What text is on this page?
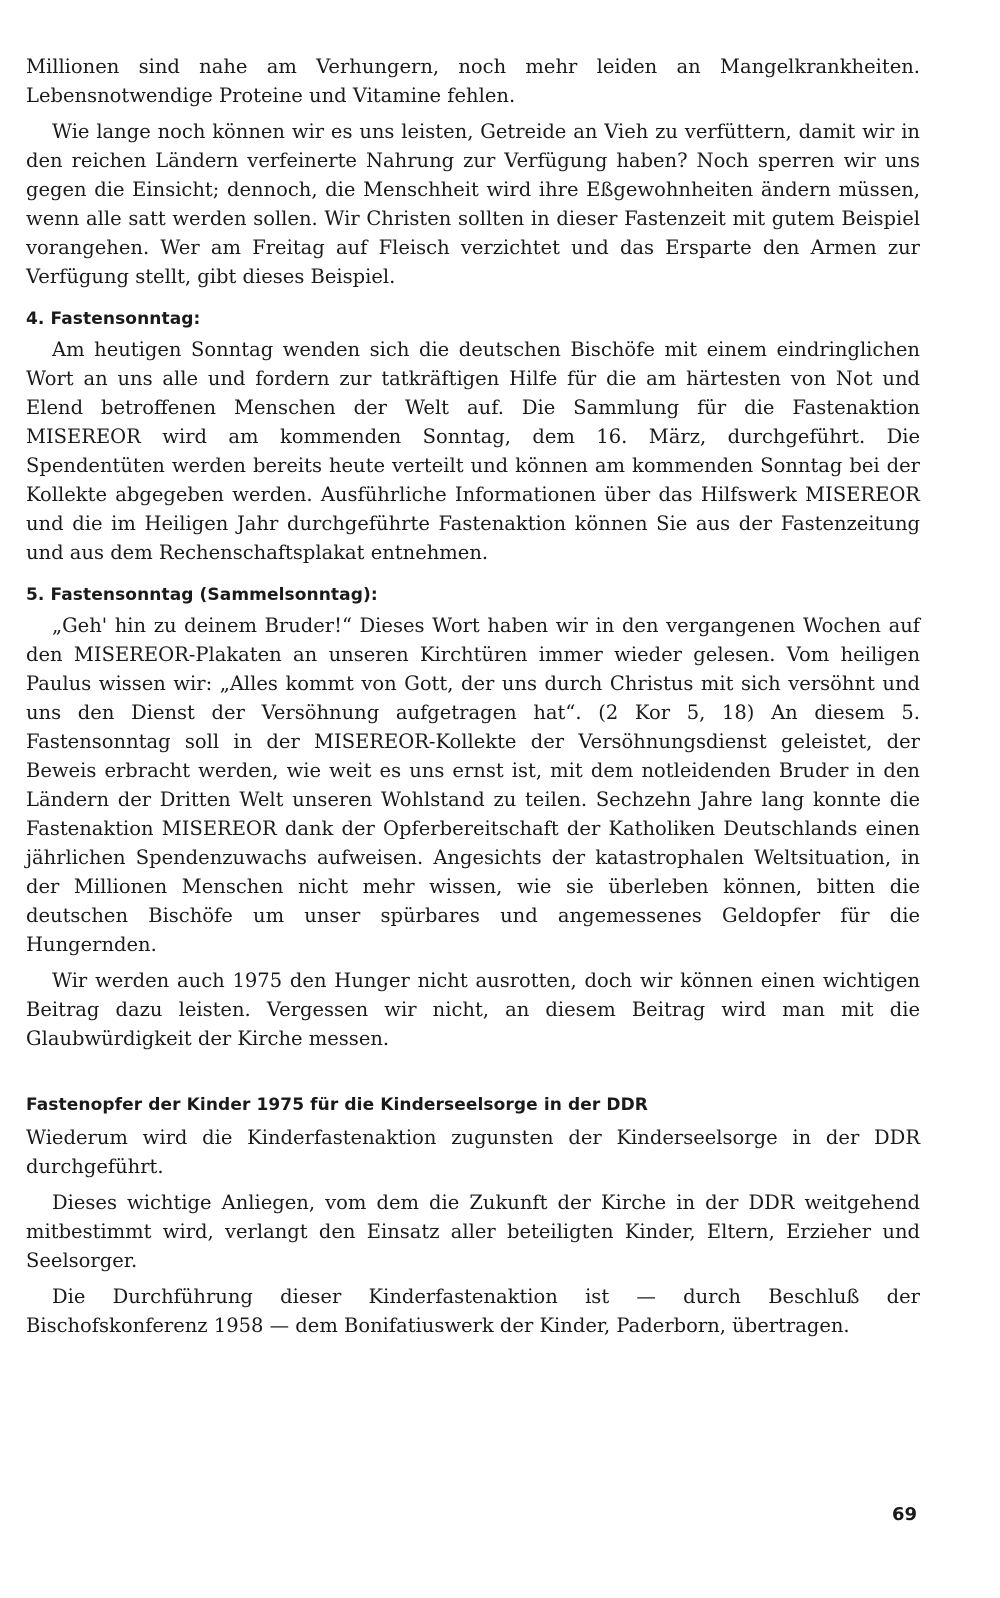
Millionen sind nahe am Verhungern, noch mehr leiden an Mangelkrankheiten. Lebensnotwendige Proteine und Vitamine fehlen.

Wie lange noch können wir es uns leisten, Getreide an Vieh zu verfüttern, damit wir in den reichen Ländern verfeinerte Nahrung zur Verfügung haben? Noch sperren wir uns gegen die Einsicht; dennoch, die Menschheit wird ihre Eßgewohnheiten ändern müssen, wenn alle satt werden sollen. Wir Christen sollten in dieser Fastenzeit mit gutem Beispiel vorangehen. Wer am Freitag auf Fleisch verzichtet und das Ersparte den Armen zur Verfügung stellt, gibt dieses Beispiel.

4. Fastensonntag:

Am heutigen Sonntag wenden sich die deutschen Bischöfe mit einem eindringlichen Wort an uns alle und fordern zur tatkräftigen Hilfe für die am härtesten von Not und Elend betroffenen Menschen der Welt auf. Die Sammlung für die Fastenaktion MISEREOR wird am kommenden Sonntag, dem 16. März, durchgeführt. Die Spendentüten werden bereits heute verteilt und können am kommenden Sonntag bei der Kollekte abgegeben werden. Ausführliche Informationen über das Hilfswerk MISEREOR und die im Heiligen Jahr durchgeführte Fastenaktion können Sie aus der Fastenzeitung und aus dem Rechenschaftsplakat entnehmen.

5. Fastensonntag (Sammelsonntag):

„Geh' hin zu deinem Bruder!“ Dieses Wort haben wir in den vergangenen Wochen auf den MISEREOR-Plakaten an unseren Kirchtüren immer wieder gelesen. Vom heiligen Paulus wissen wir: „Alles kommt von Gott, der uns durch Christus mit sich versöhnt und uns den Dienst der Versöhnung aufgetragen hat“. (2 Kor 5, 18) An diesem 5. Fastensonntag soll in der MISEREOR-Kollekte der Versöhnungsdienst geleistet, der Beweis erbracht werden, wie weit es uns ernst ist, mit dem notleidenden Bruder in den Ländern der Dritten Welt unseren Wohlstand zu teilen. Sechzehn Jahre lang konnte die Fastenaktion MISEREOR dank der Opferbereitschaft der Katholiken Deutschlands einen jährlichen Spendenzuwachs aufweisen. Angesichts der katastrophalen Weltsituation, in der Millionen Menschen nicht mehr wissen, wie sie überleben können, bitten die deutschen Bischöfe um unser spürbares und angemessenes Geldopfer für die Hungernden.

Wir werden auch 1975 den Hunger nicht ausrotten, doch wir können einen wichtigen Beitrag dazu leisten. Vergessen wir nicht, an diesem Beitrag wird man mit die Glaubwürdigkeit der Kirche messen.

Fastenopfer der Kinder 1975 für die Kinderseelsorge in der DDR

Wiederum wird die Kinderfastenaktion zugunsten der Kinderseelsorge in der DDR durchgeführt.

Dieses wichtige Anliegen, vom dem die Zukunft der Kirche in der DDR weitgehend mitbestimmt wird, verlangt den Einsatz aller beteiligten Kinder, Eltern, Erzieher und Seelsorger.

Die Durchführung dieser Kinderfastenaktion ist — durch Beschluß der Bischofskonferenz 1958 — dem Bonifatiuswerk der Kinder, Paderborn, übertragen.

69
